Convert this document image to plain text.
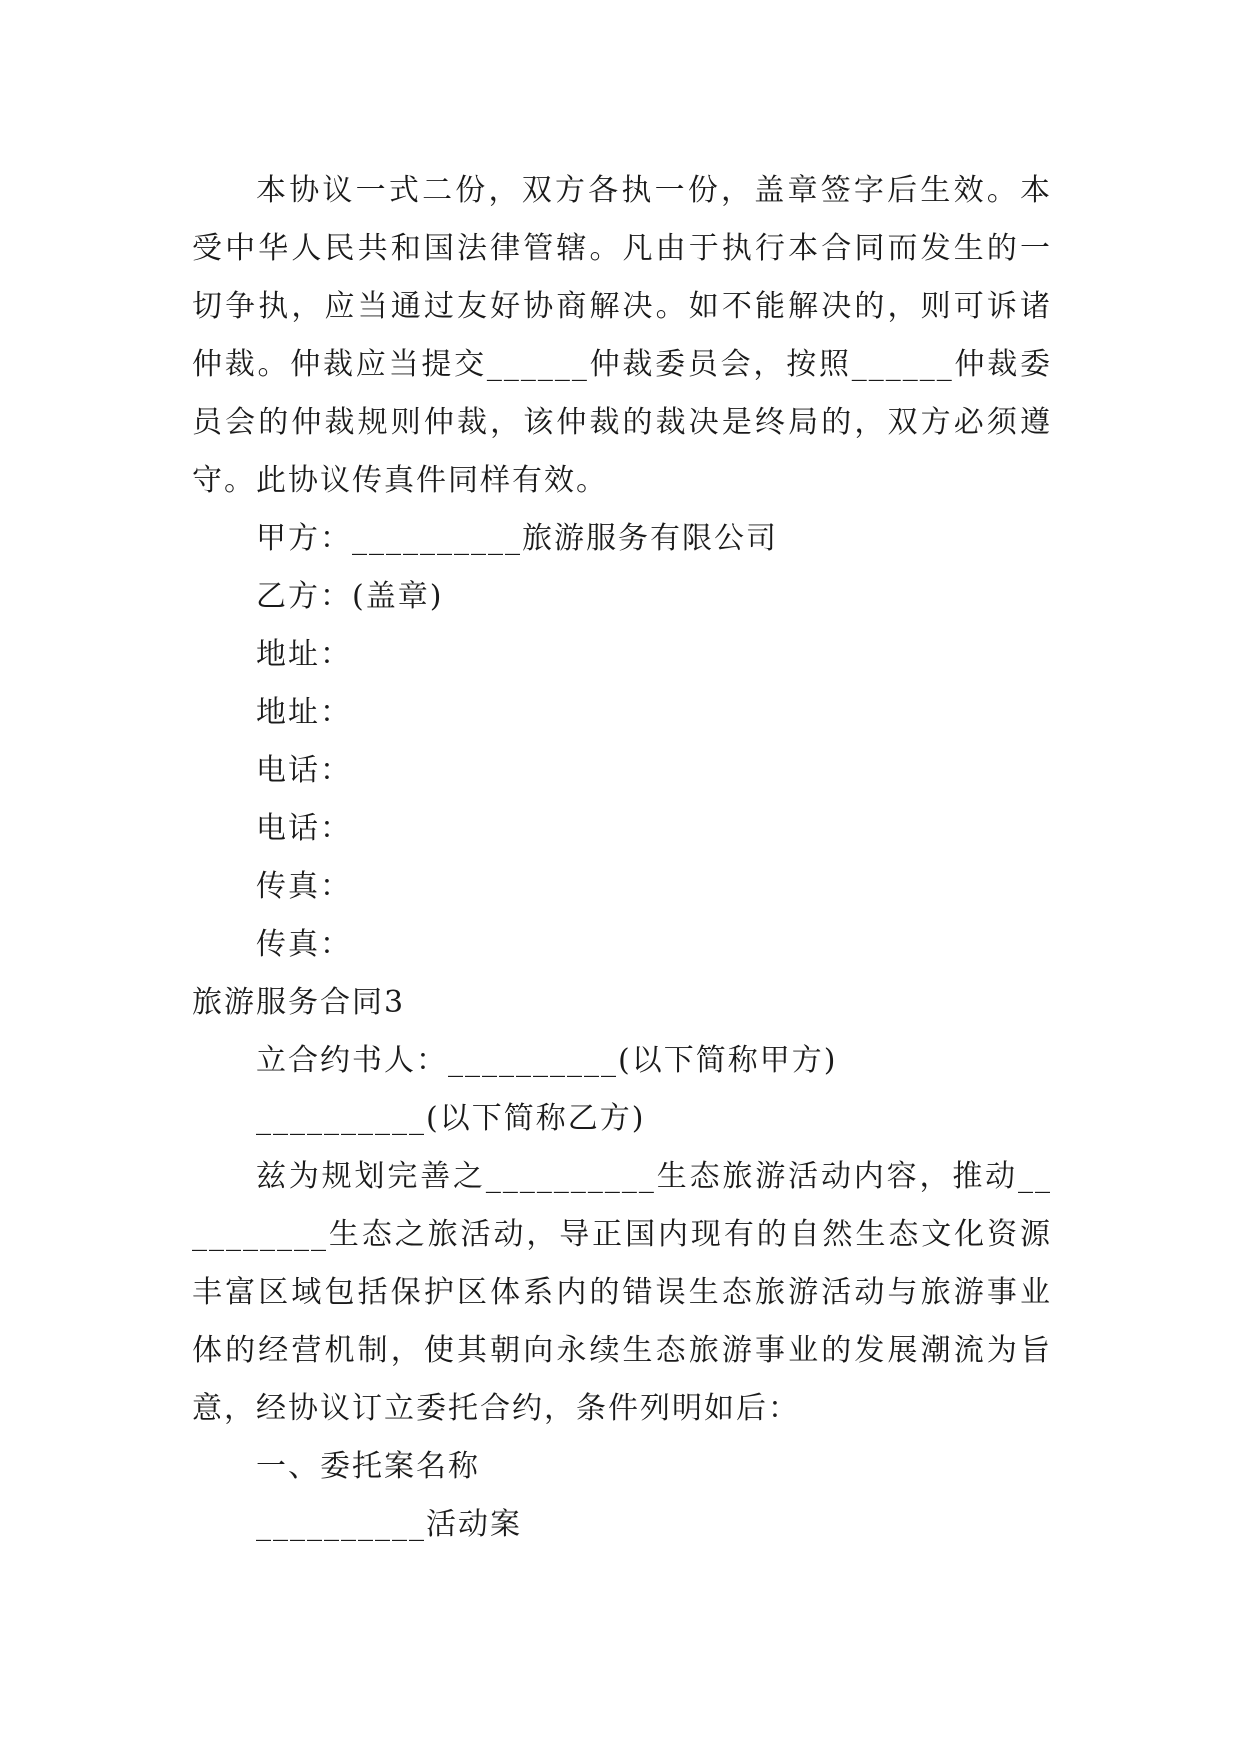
本协议一式二份，双方各执一份，盖章签字后生效。本受中华人民共和国法律管辖。凡由于执行本合同而发生的一切争执，应当通过友好协商解决。如不能解决的，则可诉诸仲裁。仲裁应当提交______仲裁委员会，按照______仲裁委员会的仲裁规则仲裁，该仲裁的裁决是终局的，双方必须遵守。此协议传真件同样有效。

甲方：__________旅游服务有限公司

乙方：(盖章)

地址：

地址：

电话：

电话：

传真：

传真：

旅游服务合同3

立合约书人：__________(以下简称甲方)

__________(以下简称乙方)

兹为规划完善之__________生态旅游活动内容，推动__________生态之旅活动，导正国内现有的自然生态文化资源丰富区域包括保护区体系内的错误生态旅游活动与旅游事业体的经营机制，使其朝向永续生态旅游事业的发展潮流为旨意，经协议订立委托合约，条件列明如后：

一、委托案名称

__________活动案
